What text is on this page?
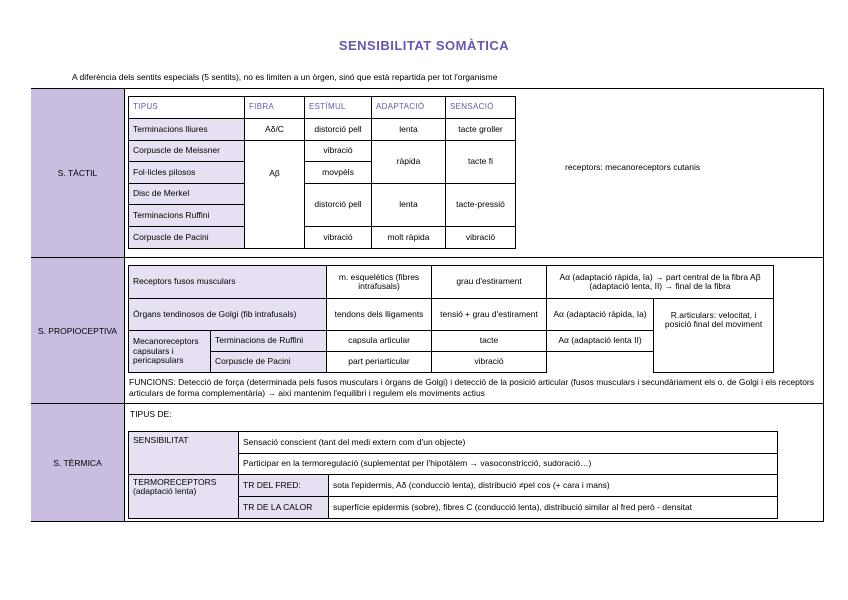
SENSIBILITAT SOMÀTICA
A diferència dels sentits especials (5 sentits), no es limiten a un òrgen, sinó que està repartida per tot l'organisme
S. TÀCTIL
S. PROPIOCEPTIVA
S. TÈRMICA
TIPUS	FIBRA	ESTÍMUL	ADAPTACIÓ	SENSACIÓ
Terminacions lliures	Aδ/C	distorció pell	lenta	tacte groller
Corpuscle de Meissner	Aβ	vibració	ràpida	tacte fi
Fol·licles pilosos		movpèls		
Disc de Merkel		distorció pell	lenta	tacte-pressió
Terminacions Ruffini				
Corpuscle de Pacini		vibració	molt ràpida	vibració
receptors: mecanoreceptors cutanis
Receptors fusos musculars		m. esquelètics (fibres intrafusals)	grau d'estirament	Aα (adaptació ràpida, Ia) → part central de la fibra Aβ (adaptació lenta, II) → final de la fibra	
Òrgans tendinosos de Golgi (fib intrafusals)		tendons dels lligaments	tensió + grau d'estirament	Aα (adaptació ràpida, Ia)	R.articulars: velocitat, i posició final del moviment
Mecanoreceptors capsulars i pericapsulars	Terminacions de Ruffini	capsula articular	tacte	Aα (adaptació lenta II)	
	Corpuscle de Pacini	part periarticular	vibració		
FUNCIONS: Detecció de força (determinada pels fusos musculars i òrgans de Golgi) i detecció de la posició articular (fusos musculars i secundàriament els o. de Golgi i els receptors articulars de forma complementària) → així mantenim l'equilibri i regulem els moviments actius
TIPUS DE:
SENSIBILITAT	Sensació conscient (tant del medi extern com d'un objecte)	
	Participar en la termoregulació (suplementat per l'hipotàlem → vasoconstricció, sudoració…)	
TERMORECEPTORS (adaptació lenta)	TR DEL FRED:	sota l'epidermis, Aδ (conducció lenta), distribució ≠pel cos (+ cara i mans)
	TR DE LA CALOR	superfície epidermis (sobre), fibres C (conducció lenta), distribució similar al fred però - densitat
